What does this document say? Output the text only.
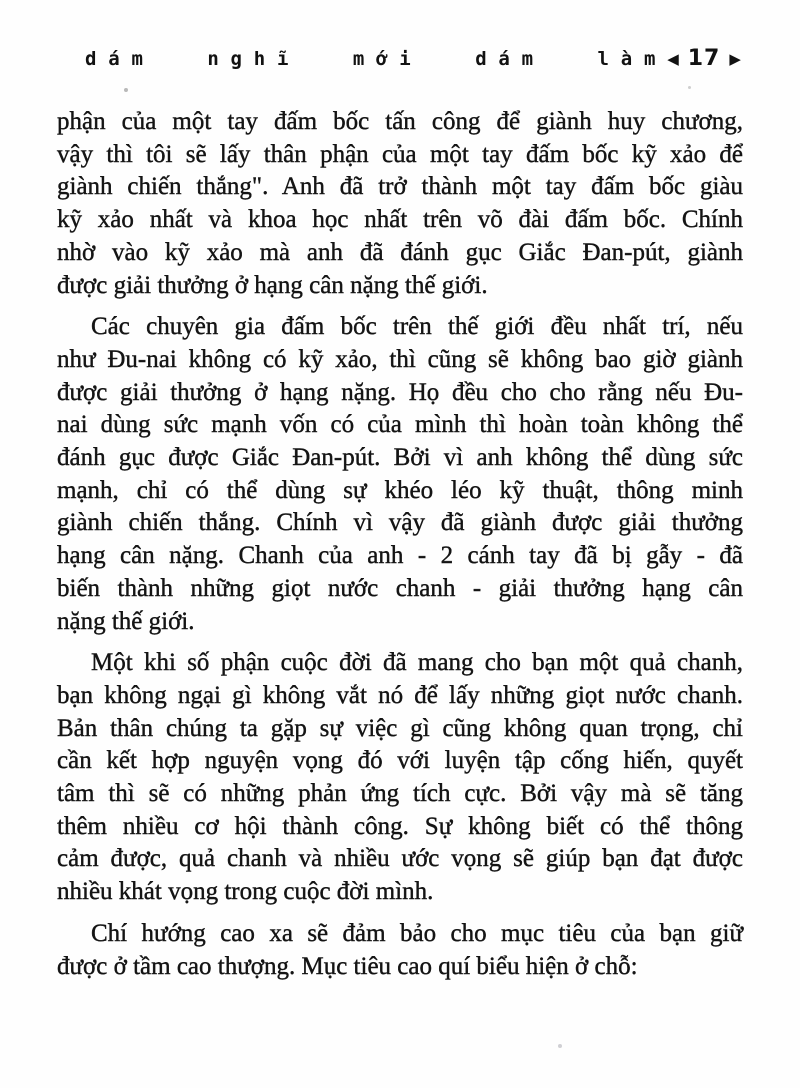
dám nghĩ mới dám làm ◀ 17 ▶
phận của một tay đấm bốc tấn công để giành huy chương,
vậy thì tôi sẽ lấy thân phận của một tay đấm bốc kỹ xảo để
giành chiến thắng". Anh đã trở thành một tay đấm bốc giàu
kỹ xảo nhất và khoa học nhất trên võ đài đấm bốc. Chính
nhờ vào kỹ xảo mà anh đã đánh gục Giắc Đan-pút, giành
được giải thưởng ở hạng cân nặng thế giới.
Các chuyên gia đấm bốc trên thế giới đều nhất trí, nếu
như Đu-nai không có kỹ xảo, thì cũng sẽ không bao giờ giành
được giải thưởng ở hạng nặng. Họ đều cho cho rằng nếu Đu-
nai dùng sức mạnh vốn có của mình thì hoàn toàn không thể
đánh gục được Giắc Đan-pút. Bởi vì anh không thể dùng sức
mạnh, chỉ có thể dùng sự khéo léo kỹ thuật, thông minh
giành chiến thắng. Chính vì vậy đã giành được giải thưởng
hạng cân nặng. Chanh của anh - 2 cánh tay đã bị gẫy - đã
biến thành những giọt nước chanh - giải thưởng hạng cân
nặng thế giới.
Một khi số phận cuộc đời đã mang cho bạn một quả chanh,
bạn không ngại gì không vắt nó để lấy những giọt nước chanh.
Bản thân chúng ta gặp sự việc gì cũng không quan trọng, chỉ
cần kết hợp nguyện vọng đó với luyện tập cống hiến, quyết
tâm thì sẽ có những phản ứng tích cực. Bởi vậy mà sẽ tăng
thêm nhiều cơ hội thành công. Sự không biết có thể thông
cảm được, quả chanh và nhiều ước vọng sẽ giúp bạn đạt được
nhiều khát vọng trong cuộc đời mình.
Chí hướng cao xa sẽ đảm bảo cho mục tiêu của bạn giữ
được ở tầm cao thượng. Mục tiêu cao quí biểu hiện ở chỗ:
